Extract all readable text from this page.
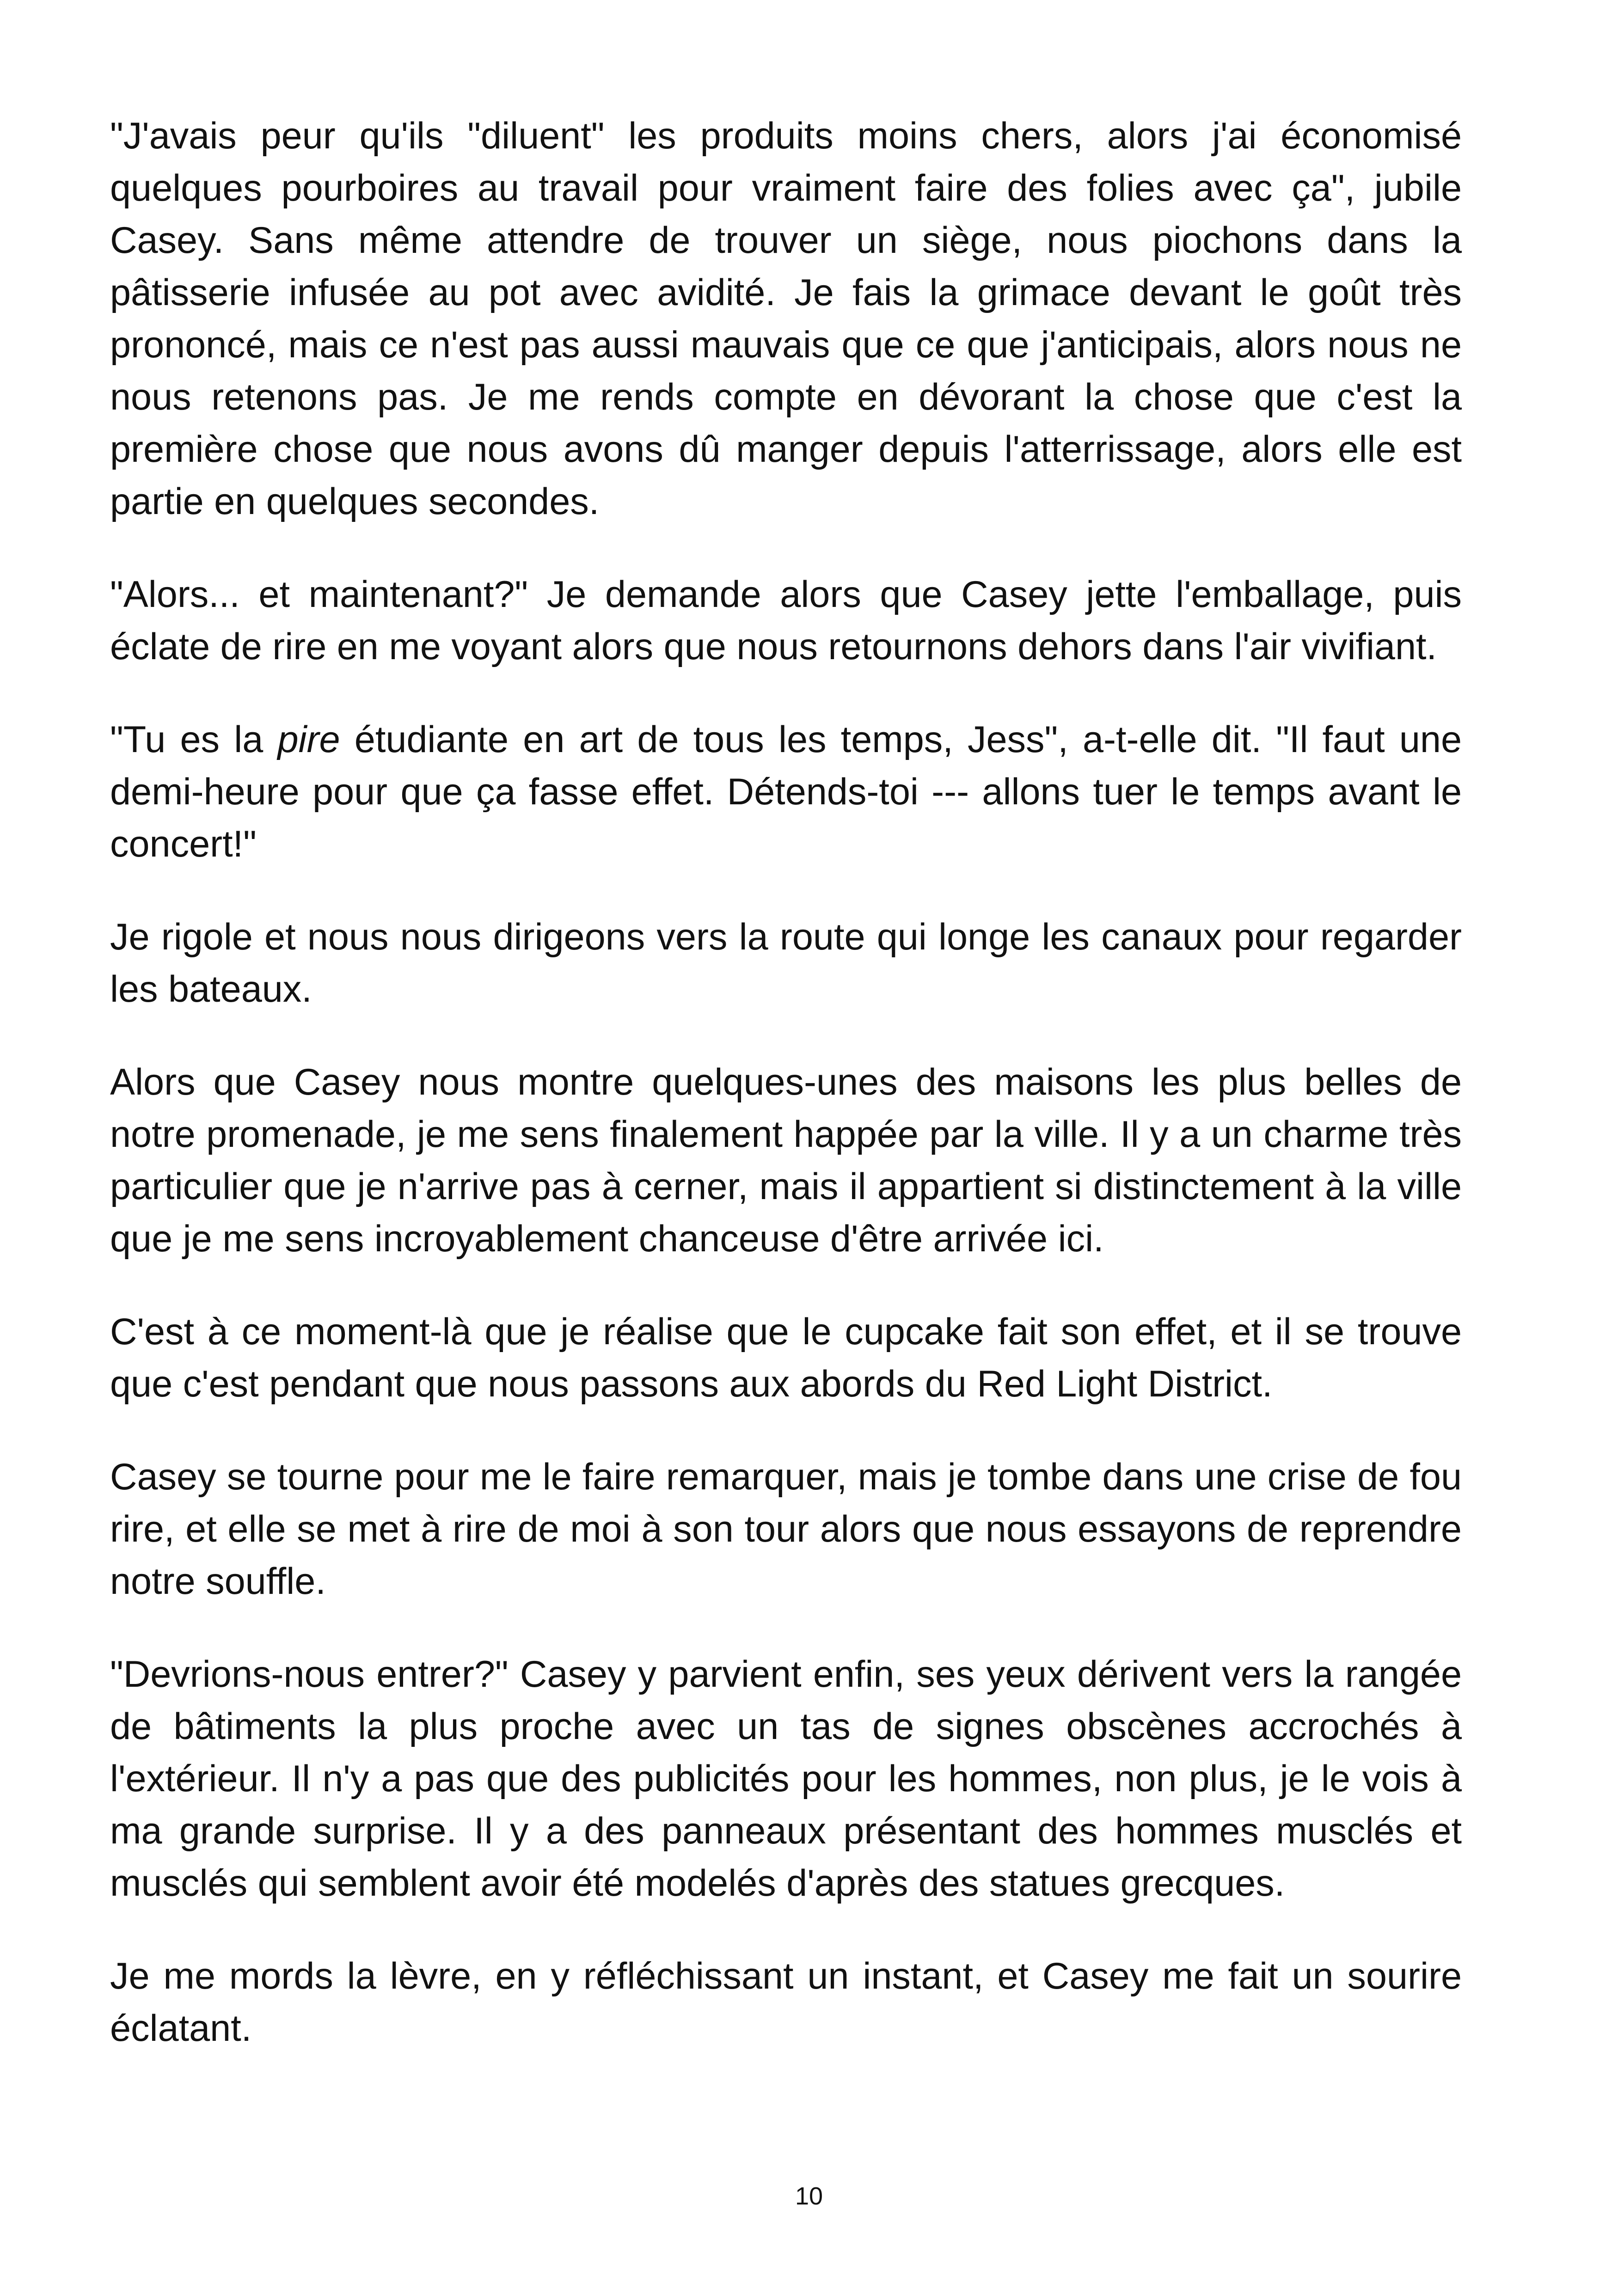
"J'avais peur qu'ils "diluent" les produits moins chers, alors j'ai économisé quelques pourboires au travail pour vraiment faire des folies avec ça", jubile Casey. Sans même attendre de trouver un siège, nous piochons dans la pâtisserie infusée au pot avec avidité. Je fais la grimace devant le goût très prononcé, mais ce n'est pas aussi mauvais que ce que j'anticipais, alors nous ne nous retenons pas. Je me rends compte en dévorant la chose que c'est la première chose que nous avons dû manger depuis l'atterrissage, alors elle est partie en quelques secondes.

"Alors... et maintenant?" Je demande alors que Casey jette l'emballage, puis éclate de rire en me voyant alors que nous retournons dehors dans l'air vivifiant.

"Tu es la pire étudiante en art de tous les temps, Jess", a-t-elle dit. "Il faut une demi-heure pour que ça fasse effet. Détends-toi --- allons tuer le temps avant le concert!"

Je rigole et nous nous dirigeons vers la route qui longe les canaux pour regarder les bateaux.

Alors que Casey nous montre quelques-unes des maisons les plus belles de notre promenade, je me sens finalement happée par la ville. Il y a un charme très particulier que je n'arrive pas à cerner, mais il appartient si distinctement à la ville que je me sens incroyablement chanceuse d'être arrivée ici.

C'est à ce moment-là que je réalise que le cupcake fait son effet, et il se trouve que c'est pendant que nous passons aux abords du Red Light District.

Casey se tourne pour me le faire remarquer, mais je tombe dans une crise de fou rire, et elle se met à rire de moi à son tour alors que nous essayons de reprendre notre souffle.

"Devrions-nous entrer?" Casey y parvient enfin, ses yeux dérivent vers la rangée de bâtiments la plus proche avec un tas de signes obscènes accrochés à l'extérieur. Il n'y a pas que des publicités pour les hommes, non plus, je le vois à ma grande surprise. Il y a des panneaux présentant des hommes musclés et musclés qui semblent avoir été modelés d'après des statues grecques.

Je me mords la lèvre, en y réfléchissant un instant, et Casey me fait un sourire éclatant.

10
